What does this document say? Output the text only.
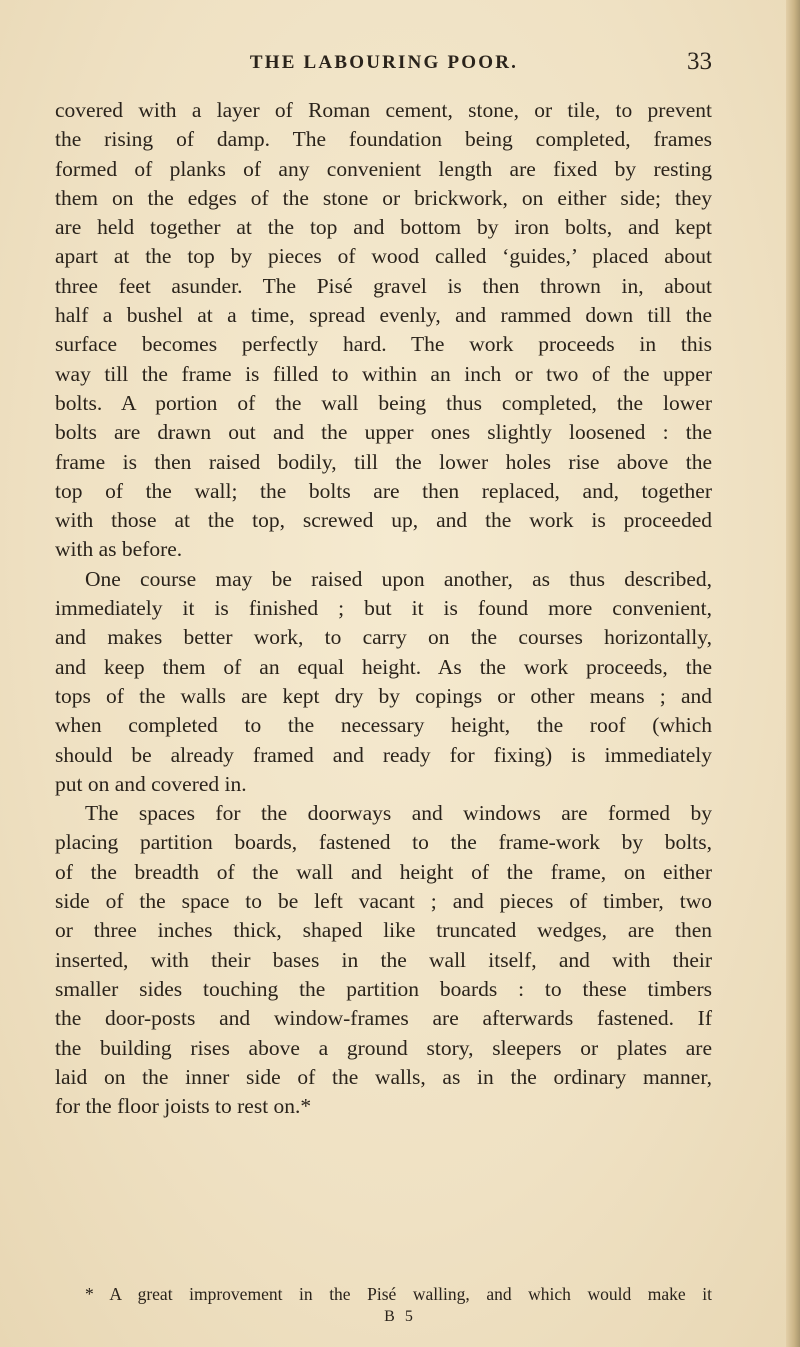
THE LABOURING POOR.	33
covered with a layer of Roman cement, stone, or tile, to prevent
the rising of damp. The foundation being completed, frames
formed of planks of any convenient length are fixed by resting
them on the edges of the stone or brickwork, on either side; they
are held together at the top and bottom by iron bolts, and kept
apart at the top by pieces of wood called ‘guides,’ placed about
three feet asunder. The Pisé gravel is then thrown in, about
half a bushel at a time, spread evenly, and rammed down till the
surface becomes perfectly hard. The work proceeds in this
way till the frame is filled to within an inch or two of the upper
bolts. A portion of the wall being thus completed, the lower
bolts are drawn out and the upper ones slightly loosened : the
frame is then raised bodily, till the lower holes rise above the
top of the wall; the bolts are then replaced, and, together
with those at the top, screwed up, and the work is proceeded
with as before.
One course may be raised upon another, as thus described,
immediately it is finished ; but it is found more convenient,
and makes better work, to carry on the courses horizontally,
and keep them of an equal height. As the work proceeds, the
tops of the walls are kept dry by copings or other means ; and
when completed to the necessary height, the roof (which
should be already framed and ready for fixing) is immediately
put on and covered in.
The spaces for the doorways and windows are formed by
placing partition boards, fastened to the frame-work by bolts,
of the breadth of the wall and height of the frame, on either
side of the space to be left vacant ; and pieces of timber, two
or three inches thick, shaped like truncated wedges, are then
inserted, with their bases in the wall itself, and with their
smaller sides touching the partition boards : to these timbers
the door-posts and window-frames are afterwards fastened. If
the building rises above a ground story, sleepers or plates are
laid on the inner side of the walls, as in the ordinary manner,
for the floor joists to rest on.*
* A great improvement in the Pisé walling, and which would make it
B 5
